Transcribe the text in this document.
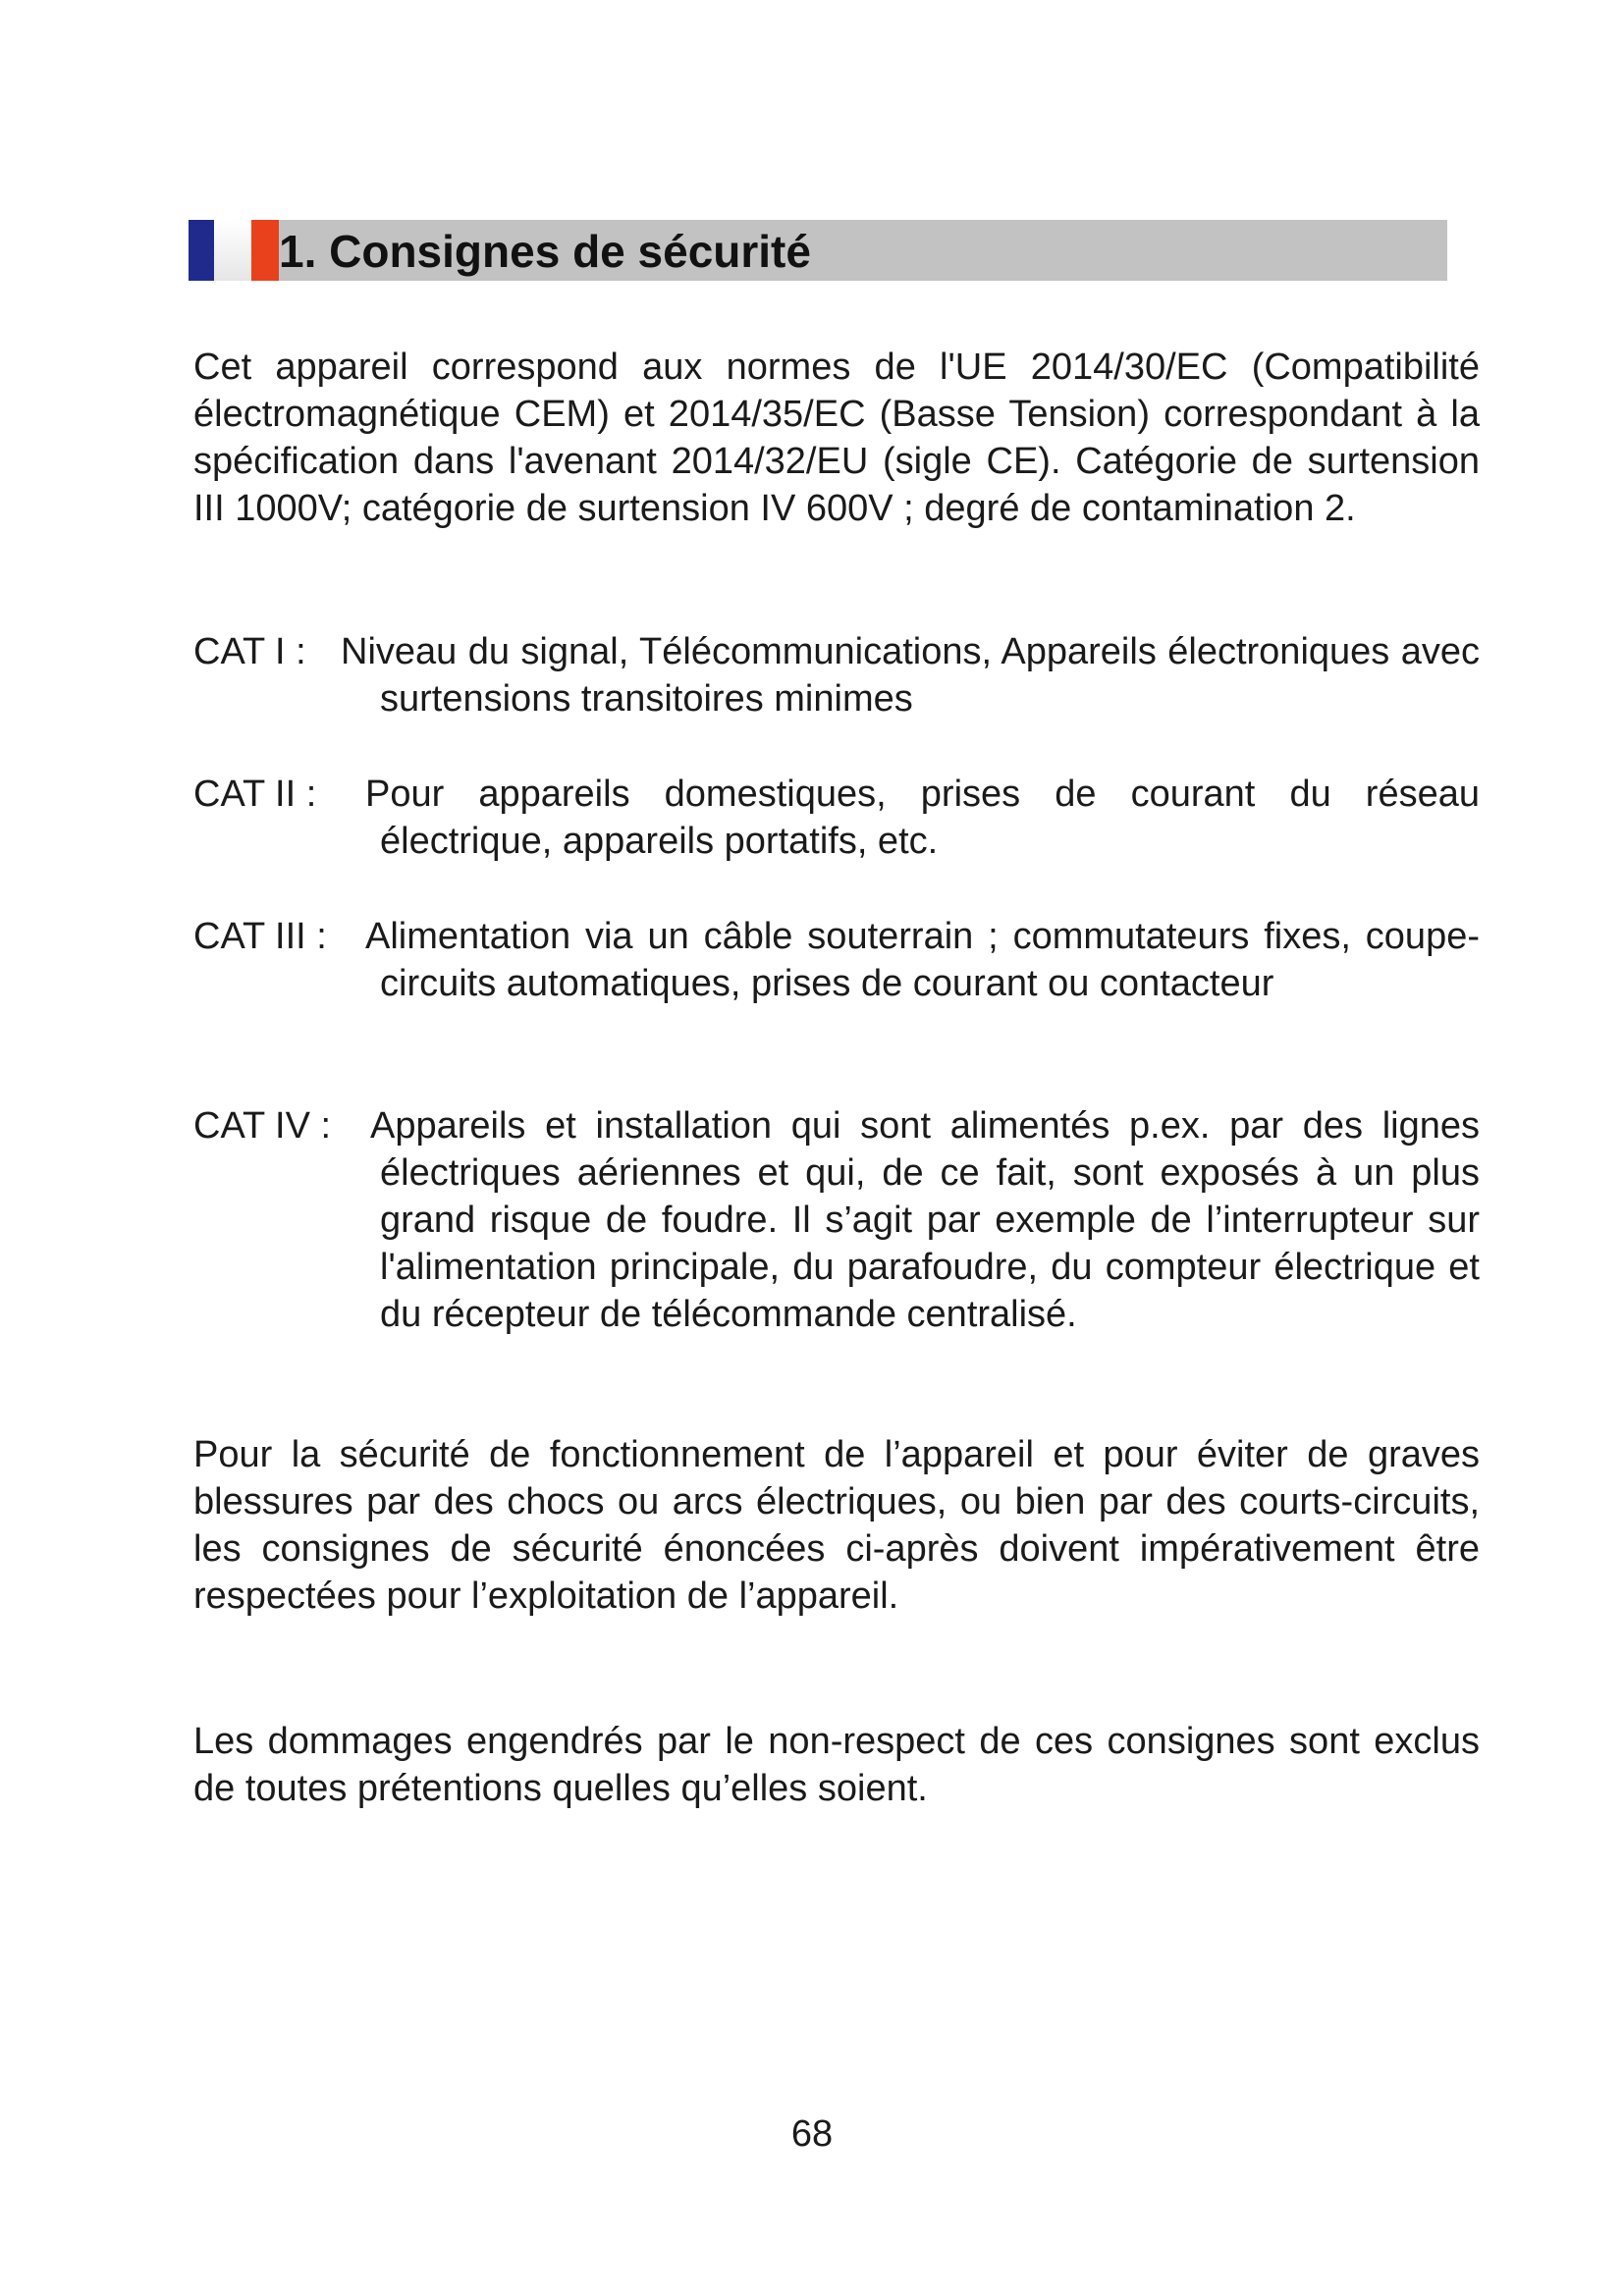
1. Consignes de sécurité

Cet appareil correspond aux normes de l'UE 2014/30/EC (Compatibilité électromagnétique CEM) et 2014/35/EC (Basse Tension) correspondant à la spécification dans l'avenant 2014/32/EU (sigle CE). Catégorie de surtension III 1000V; catégorie de surtension IV 600V ; degré de contamination 2.

CAT I : Niveau du signal, Télécommunications, Appareils électroniques avec surtensions transitoires minimes
CAT II : Pour appareils domestiques, prises de courant du réseau électrique, appareils portatifs, etc.
CAT III : Alimentation via un câble souterrain ; commutateurs fixes, coupe-circuits automatiques, prises de courant ou contacteur
CAT IV : Appareils et installation qui sont alimentés p.ex. par des lignes électriques aériennes et qui, de ce fait, sont exposés à un plus grand risque de foudre. Il s’agit par exemple de l’interrupteur sur l'alimentation principale, du parafoudre, du compteur électrique et du récepteur de télécommande centralisé.

Pour la sécurité de fonctionnement de l’appareil et pour éviter de graves blessures par des chocs ou arcs électriques, ou bien par des courts-circuits, les consignes de sécurité énoncées ci-après doivent impérativement être respectées pour l’exploitation de l’appareil.

Les dommages engendrés par le non-respect de ces consignes sont exclus de toutes prétentions quelles qu’elles soient.

68
